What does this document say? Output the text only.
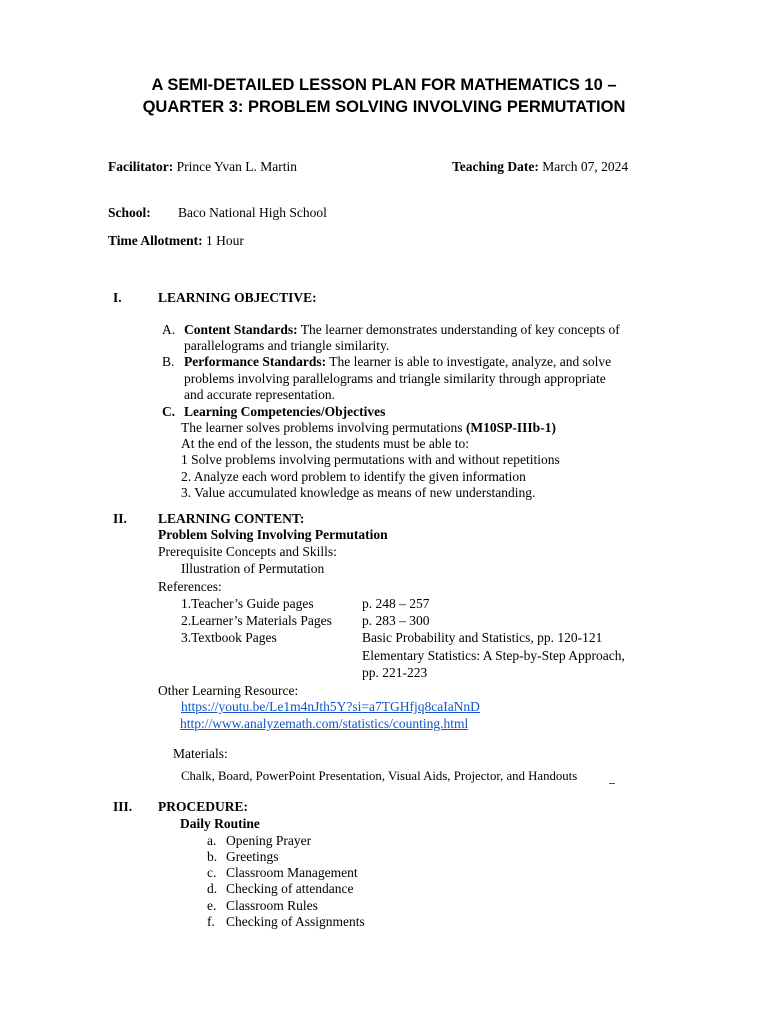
A SEMI-DETAILED LESSON PLAN FOR MATHEMATICS 10 –
QUARTER 3: PROBLEM SOLVING INVOLVING PERMUTATION
Facilitator: Prince Yvan L. Martin	Teaching Date: March 07, 2024
School: Baco National High School
Time Allotment: 1 Hour
I.	LEARNING OBJECTIVE:
A. Content Standards: The learner demonstrates understanding of key concepts of
parallelograms and triangle similarity.
B. Performance Standards: The learner is able to investigate, analyze, and solve
problems involving parallelograms and triangle similarity through appropriate
and accurate representation.
C. Learning Competencies/Objectives
The learner solves problems involving permutations (M10SP-IIIb-1)
At the end of the lesson, the students must be able to:
1 Solve problems involving permutations with and without repetitions
2. Analyze each word problem to identify the given information
3. Value accumulated knowledge as means of new understanding.
II. LEARNING CONTENT:
Problem Solving Involving Permutation
Prerequisite Concepts and Skills:
Illustration of Permutation
References:
1.Teacher’s Guide pages	p. 248 – 257
2.Learner’s Materials Pages p. 283 – 300
3.Textbook Pages	Basic Probability and Statistics, pp. 120-121
Elementary Statistics: A Step-by-Step Approach,
pp. 221-223
Other Learning Resource:
https://youtu.be/Le1m4nJth5Y?si=a7TGHfjq8caIaNnD
http://www.analyzemath.com/statistics/counting.html
Materials:
Chalk, Board, PowerPoint Presentation, Visual Aids, Projector, and Handouts
III. PROCEDURE:
Daily Routine
a. Opening Prayer
b. Greetings
c. Classroom Management
d. Checking of attendance
e. Classroom Rules
f. Checking of Assignments
